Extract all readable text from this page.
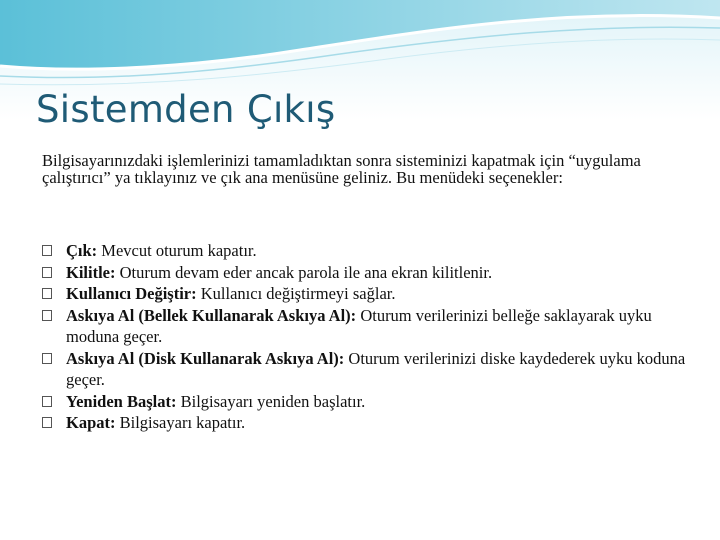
Sistemden Çıkış

Bilgisayarınızdaki işlemlerinizi tamamladıktan sonra sisteminizi kapatmak için “uygulama çalıştırıcı” ya tıklayınız ve çık ana menüsüne geliniz. Bu menüdeki seçenekler:

Çık: Mevcut oturum kapatır.
Kilitle: Oturum devam eder ancak parola ile ana ekran kilitlenir.
Kullanıcı Değiştir: Kullanıcı değiştirmeyi sağlar.
Askıya Al (Bellek Kullanarak Askıya Al): Oturum verilerinizi belleğe saklayarak uyku moduna geçer.
Askıya Al (Disk Kullanarak Askıya Al): Oturum verilerinizi diske kaydederek uyku koduna geçer.
Yeniden Başlat: Bilgisayarı yeniden başlatır.
Kapat: Bilgisayarı kapatır.
